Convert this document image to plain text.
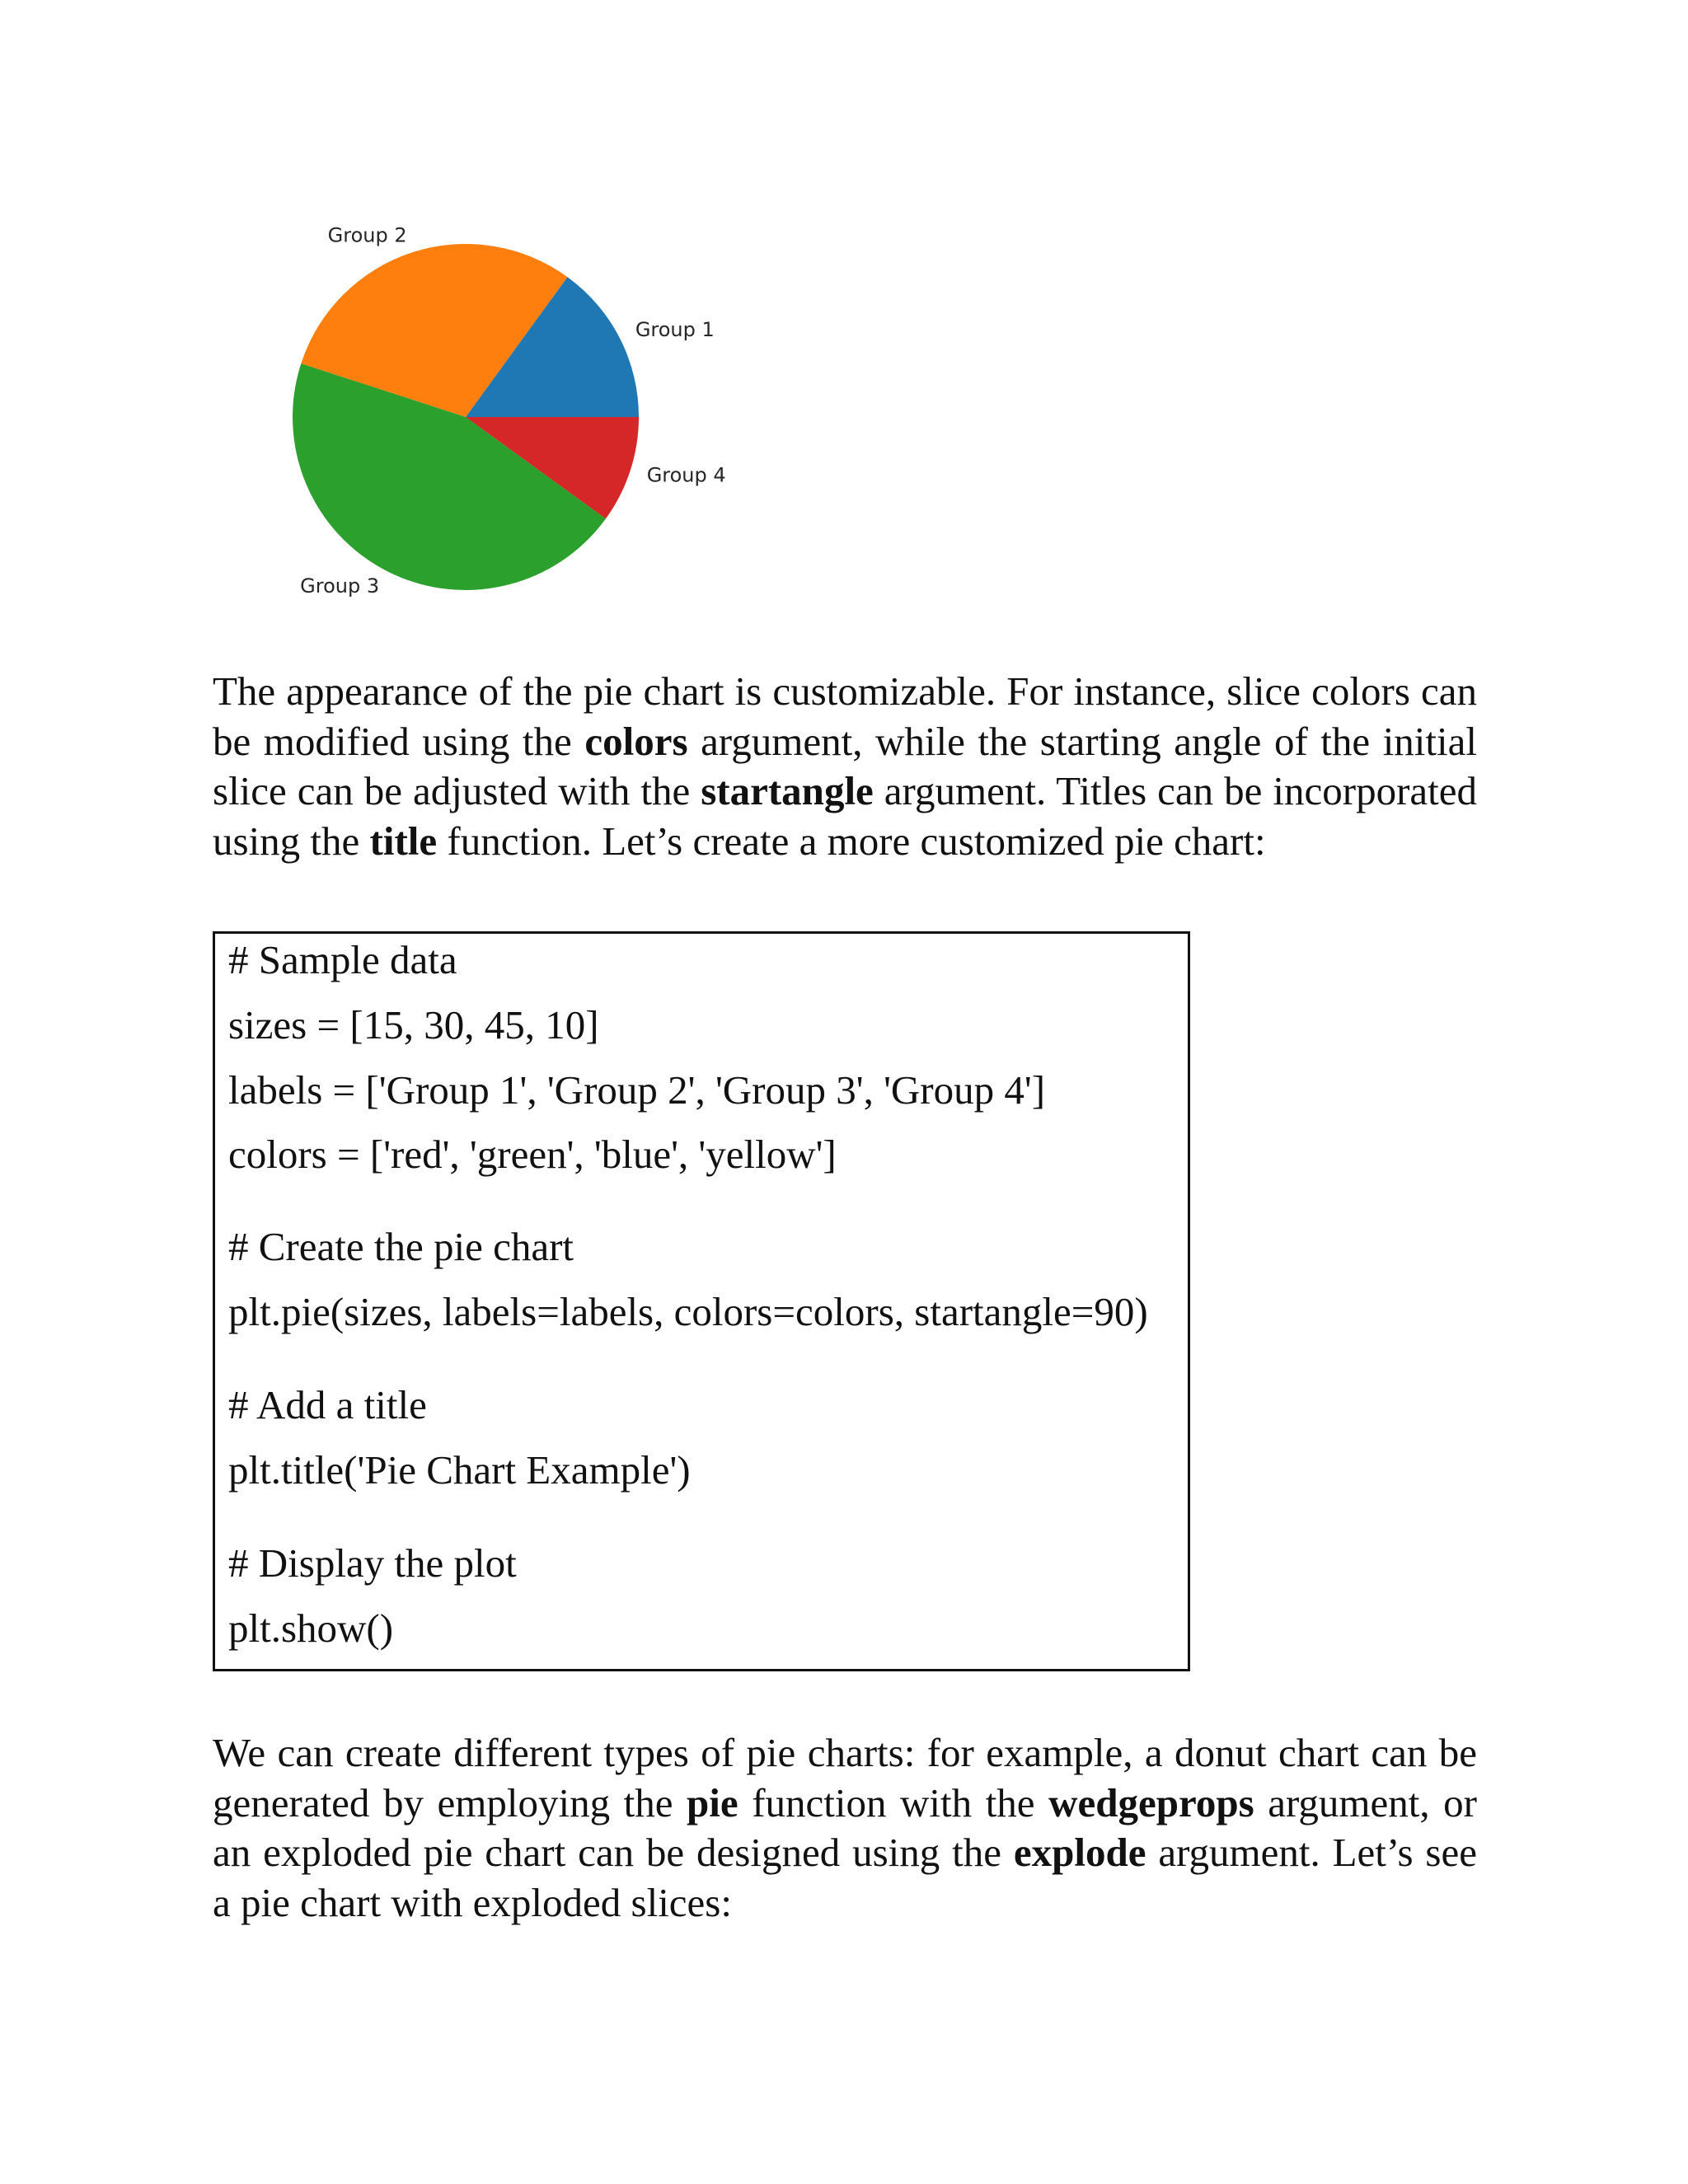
Group 1
Group 2
Group 3
Group 4

The appearance of the pie chart is customizable. For instance, slice colors can be modified using the colors argument, while the starting angle of the initial slice can be adjusted with the startangle argument. Titles can be incorporated using the title function. Let’s create a more customized pie chart:

# Sample data
sizes = [15, 30, 45, 10]
labels = ['Group 1', 'Group 2', 'Group 3', 'Group 4']
colors = ['red', 'green', 'blue', 'yellow']
# Create the pie chart
plt.pie(sizes, labels=labels, colors=colors, startangle=90)
# Add a title
plt.title('Pie Chart Example')
# Display the plot
plt.show()

We can create different types of pie charts: for example, a donut chart can be generated by employing the pie function with the wedgeprops argument, or an exploded pie chart can be designed using the explode argument. Let’s see a pie chart with exploded slices:
